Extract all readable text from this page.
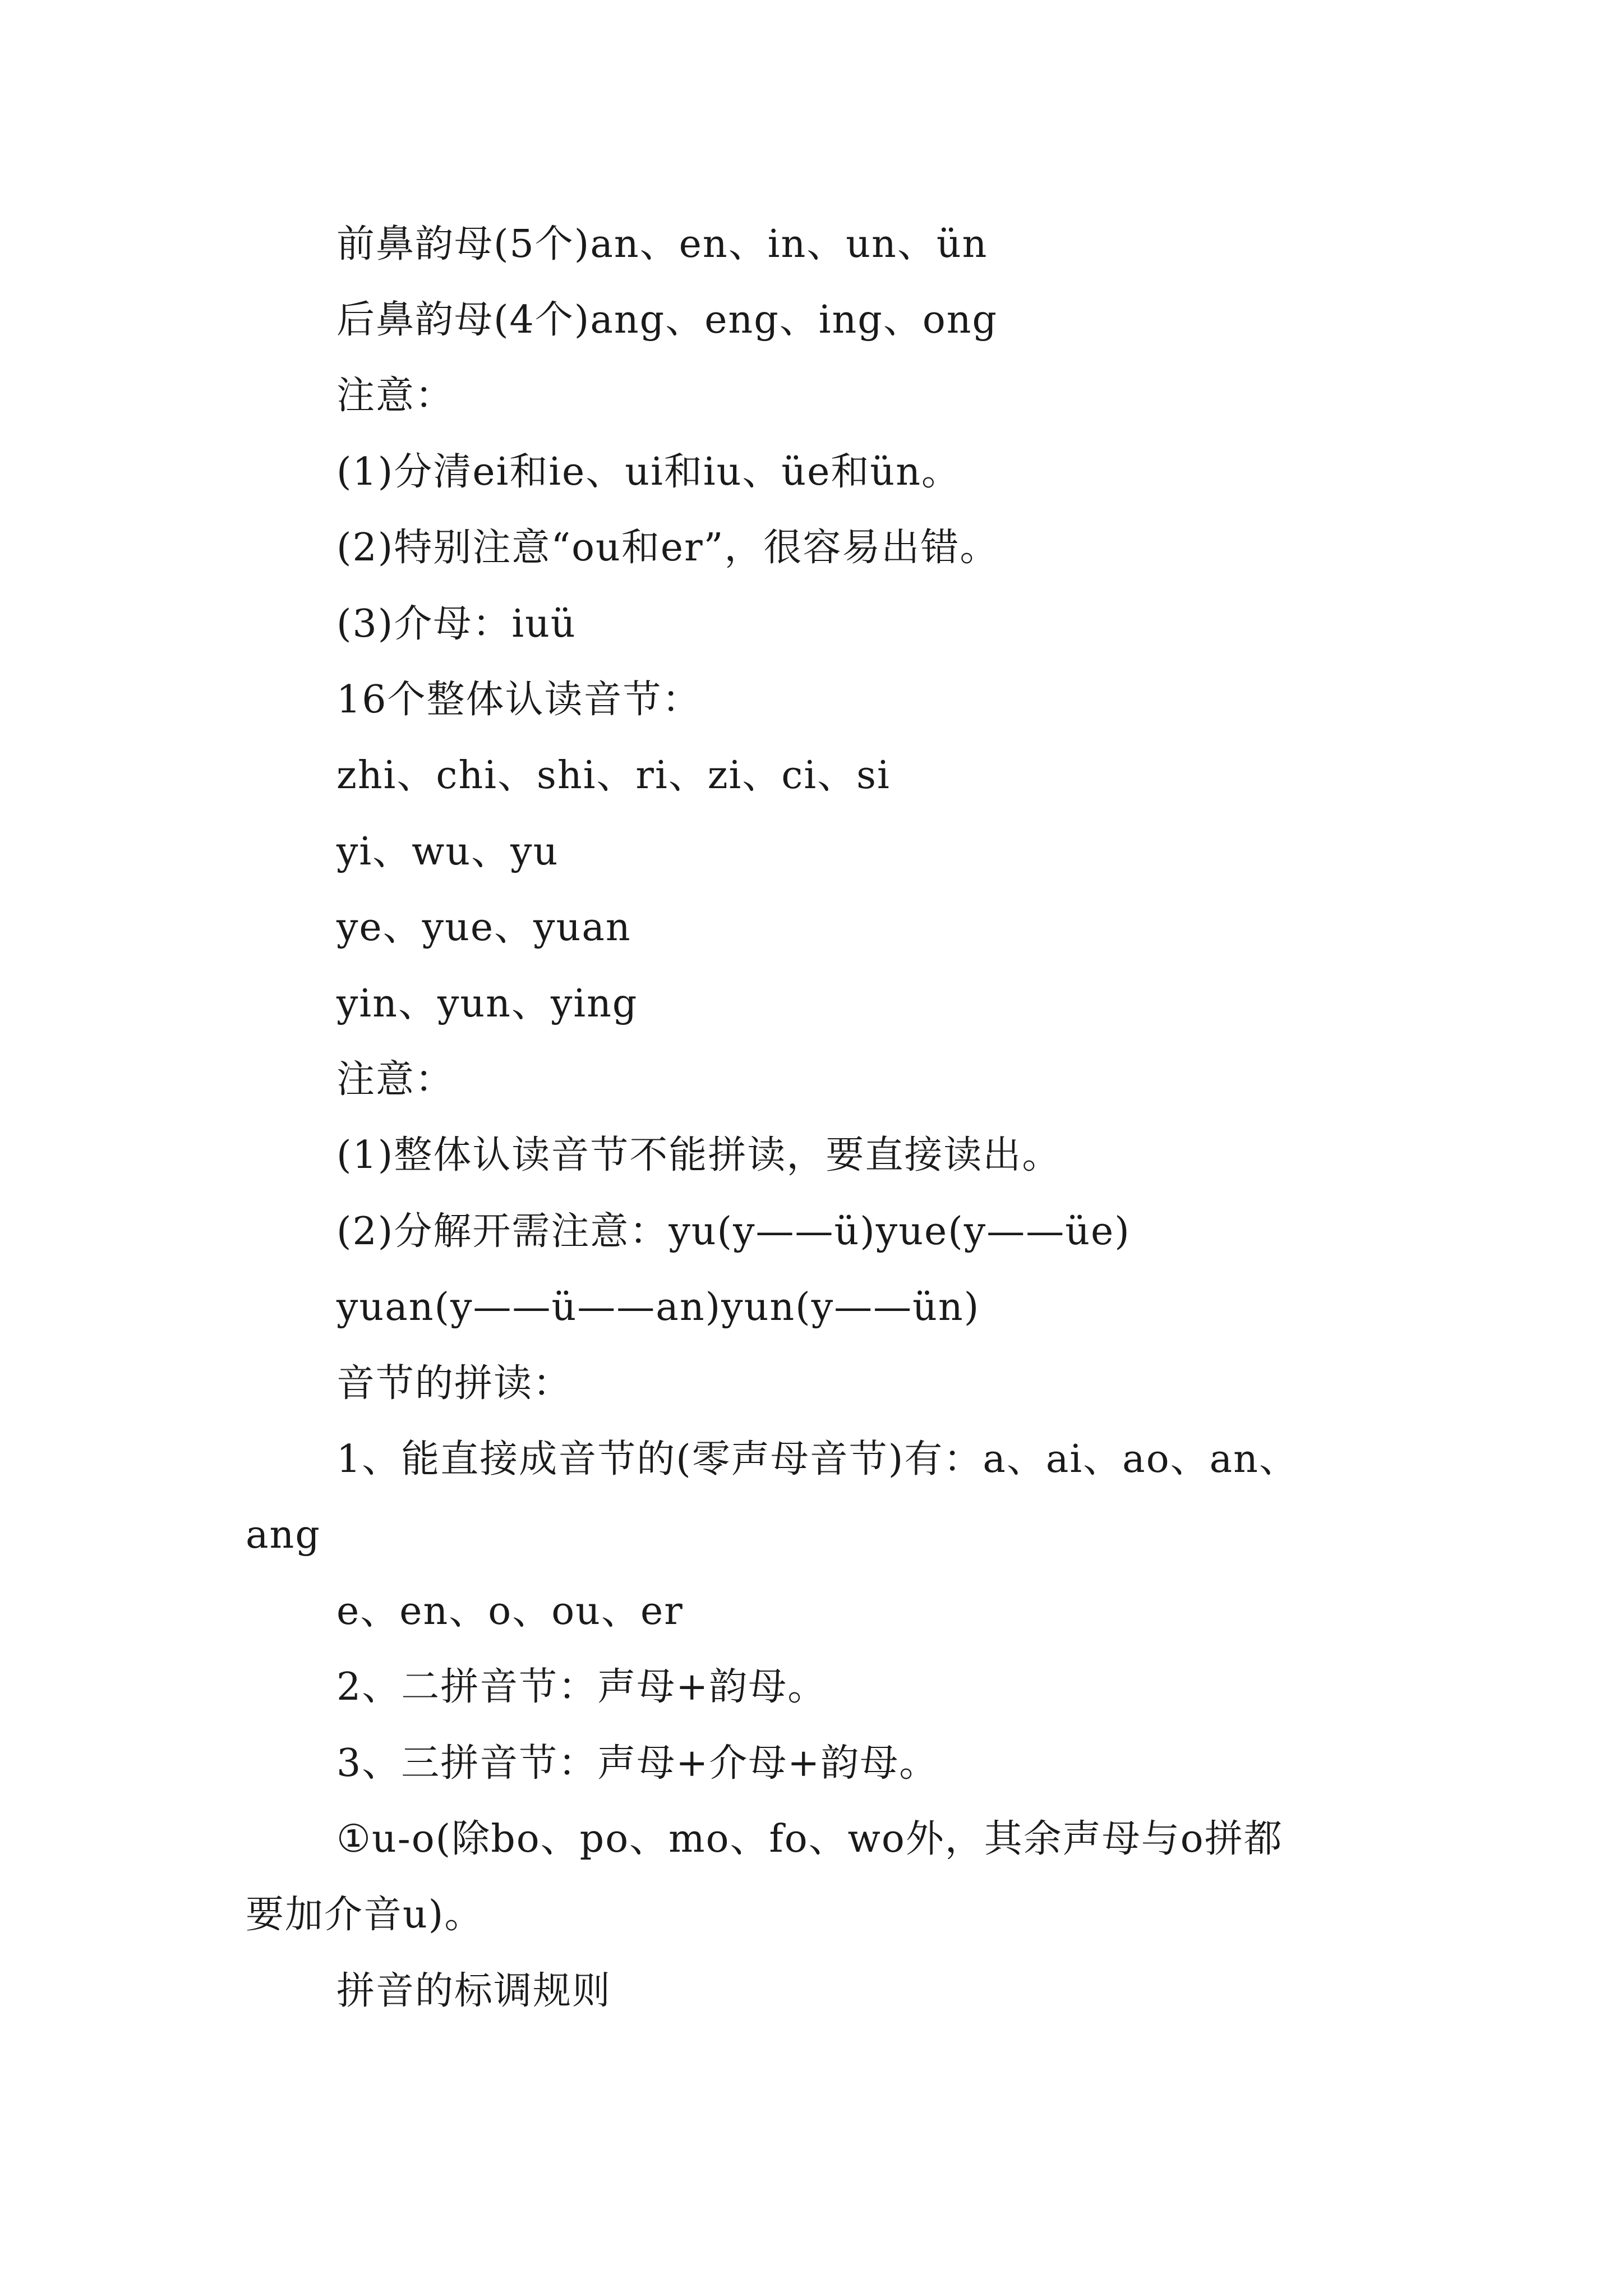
前鼻韵母(5个)an、en、in、un、ün
后鼻韵母(4个)ang、eng、ing、ong
注意：
(1)分清ei和ie、ui和iu、üe和ün。
(2)特别注意“ou和er”，很容易出错。
(3)介母：iuü
16个整体认读音节：
zhi、chi、shi、ri、zi、ci、si
yi、wu、yu
ye、yue、yuan
yin、yun、ying
注意：
(1)整体认读音节不能拼读，要直接读出。
(2)分解开需注意：yu(y——ü)yue(y——üe)
yuan(y——ü——an)yun(y——ün)
音节的拼读：
1、能直接成音节的(零声母音节)有：a、ai、ao、an、
ang
e、en、o、ou、er
2、二拼音节：声母+韵母。
3、三拼音节：声母+介母+韵母。
①u-o(除bo、po、mo、fo、wo外，其余声母与o拼都
要加介音u)。
拼音的标调规则
